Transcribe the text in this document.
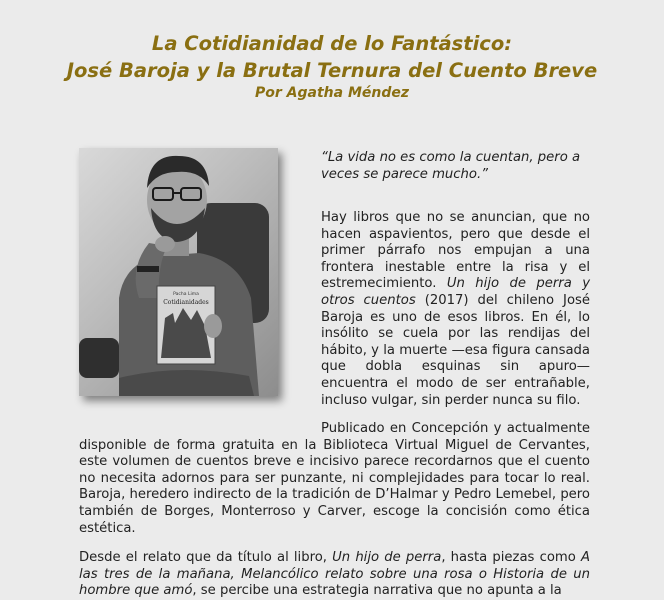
La Cotidianidad de lo Fantástico:

José Baroja y la Brutal Ternura del Cuento Breve

Por Agatha Méndez

Pacha Lima
Cotidianidades

“La vida no es como la cuentan, pero a veces se parece mucho.”

Hay libros que no se anuncian, que no hacen aspavientos, pero que desde el primer párrafo nos empujan a una frontera inestable entre la risa y el estremecimiento. Un hijo de perra y otros cuentos (2017) del chileno José Baroja es uno de esos libros. En él, lo insólito se cuela por las rendijas del hábito, y la muerte —esa figura cansada que dobla esquinas sin apuro— encuentra el modo de ser entrañable, incluso vulgar, sin perder nunca su filo.

Publicado en Concepción y actualmente disponible de forma gratuita en la Biblioteca Virtual Miguel de Cervantes, este volumen de cuentos breve e incisivo parece recordarnos que el cuento no necesita adornos para ser punzante, ni complejidades para tocar lo real. Baroja, heredero indirecto de la tradición de D’Halmar y Pedro Lemebel, pero también de Borges, Monterroso y Carver, escoge la concisión como ética estética.

Desde el relato que da título al libro, Un hijo de perra, hasta piezas como A las tres de la mañana, Melancólico relato sobre una rosa o Historia de un hombre que amó, se percibe una estrategia narrativa que no apunta a la
